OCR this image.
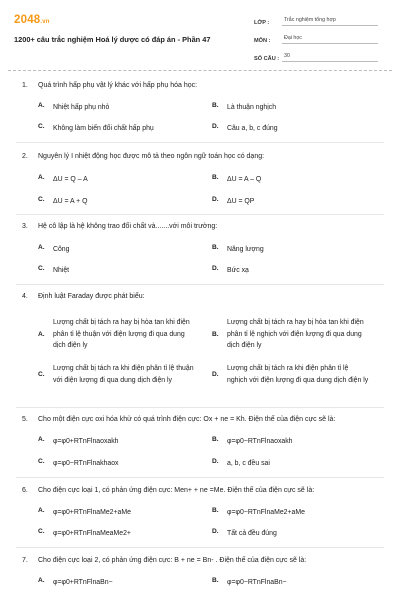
2048.vn
1200+ câu trắc nghiệm Hoá lý dược có đáp án - Phần 47
LỚP :	Trắc nghiệm tổng hợp
MÔN :	Đại học
SỐ CÂU : 30
1. Quá trình hấp phụ vật lý khác với hấp phụ hóa học:
A.	Nhiệt hấp phụ nhỏ	B.	Là thuận nghịch
C.	Không làm biến đổi chất hấp phụ	D.	Câu a, b, c đúng
2. Nguyên lý I nhiệt động học được mô tả theo ngôn ngữ toán học có dạng:
A.	ΔU = Q – A	B.	ΔU = A – Q
C.	ΔU = A + Q	D.	ΔU = QP
3. Hệ cô lập là hệ không trao đổi chất và.......với môi trường:
A.	Công	B.	Năng lượng
C.	Nhiệt	D.	Bức xạ
4. Định luật Faraday được phát biểu:
A.
Lượng chất bị tách ra hay bị hòa tan khi điện phân tỉ lệ thuận với điện lượng đi qua dung dịch điện ly
B.
Lượng chất bị tách ra hay bị hòa tan khi điện phân tỉ lệ nghịch với điện lượng đi qua dung dịch điện ly
C.
Lượng chất bị tách ra khi điện phân tỉ lệ thuận với điện lượng đi qua dung dịch điện ly
D.
Lượng chất bị tách ra khi điện phân tỉ lệ nghịch với điện lượng đi qua dung dịch điện ly
5. Cho một điện cực oxi hóa khử có quá trình điện cực: Ox + ne = Kh. Điện thế của điện cực sẽ là:
A.	φ=φ0+RTnFlnaoxakh	B.	φ=φ0−RTnFlnaoxakh
C.	φ=φ0−RTnFlnakhaox	D.	a, b, c đều sai
6. Cho điện cực loại 1, có phản ứng điện cực: Men+ + ne =Me. Điện thế của điện cực sẽ là:
A.	φ=φ0+RTnFlnaMe2+aMe	B.	φ=φ0−RTnFlnaMe2+aMe
C.	φ=φ0+RTnFlnaMeaMe2+	D.	Tất cả đều đúng
7. Cho điện cực loại 2, có phản ứng điện cực: B + ne = Bn- . Điện thế của điện cực sẽ là:
A.	φ=φ0+RTnFlnaBn−	B.	φ=φ0−RTnFlnaBn−
